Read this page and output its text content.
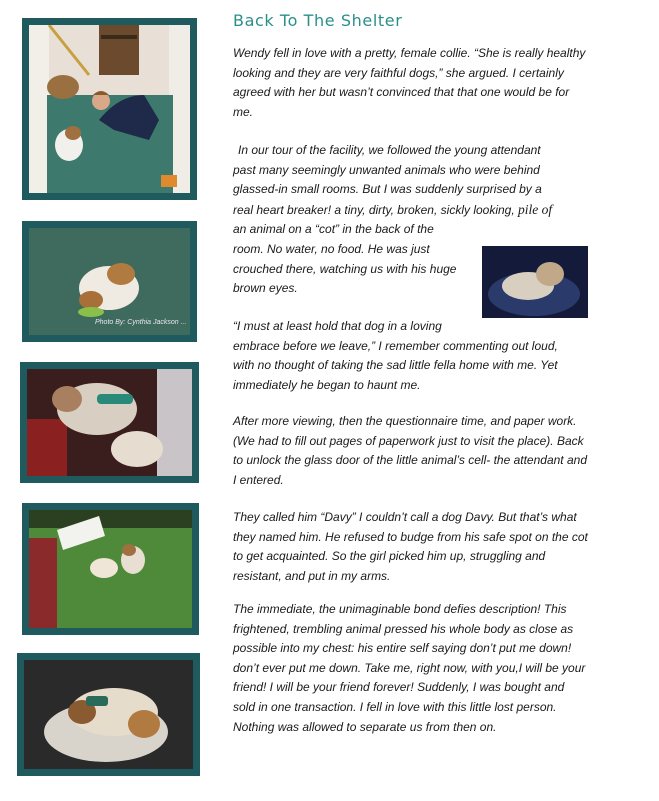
Photo By: Cynthia Jackson ...
Back To The Shelter

Wendy fell in love with a pretty, female collie. “She is really healthy looking and they are very faithful dogs,” she argued. I certainly agreed with her but wasn’t convinced that that one would be for me.

In our tour of the facility, we followed the young attendant
past many seemingly unwanted animals who were behind
glassed-in small rooms. But I was suddenly surprised by a
real heart breaker! a tiny, dirty, broken, sickly looking, pile of
an animal on a “cot” in the back of the
room. No water, no food. He was just
crouched there, watching us with his huge
brown eyes.
“I must at least hold that dog in a loving
embrace before we leave,” I remember commenting out loud,
with no thought of taking the sad little fella home with me. Yet
immediately he began to haunt me.

After more viewing, then the questionnaire time, and paper work. (We had to fill out pages of paperwork just to visit the place). Back to unlock the glass door of the little animal’s cell- the attendant and I entered.

They called him “Davy” I couldn’t call a dog Davy. But that’s what they named him. He refused to budge from his safe spot on the cot to get acquainted. So the girl picked him up, struggling and resistant, and put in my arms.

The immediate, the unimaginable bond defies description! This frightened, trembling animal pressed his whole body as close as possible into my chest: his entire self saying don’t put me down! don’t ever put me down. Take me, right now, with you,I will be your friend! I will be your friend forever! Suddenly, I was bought and sold in one transaction. I fell in love with this little lost person. Nothing was allowed to separate us from then on.
